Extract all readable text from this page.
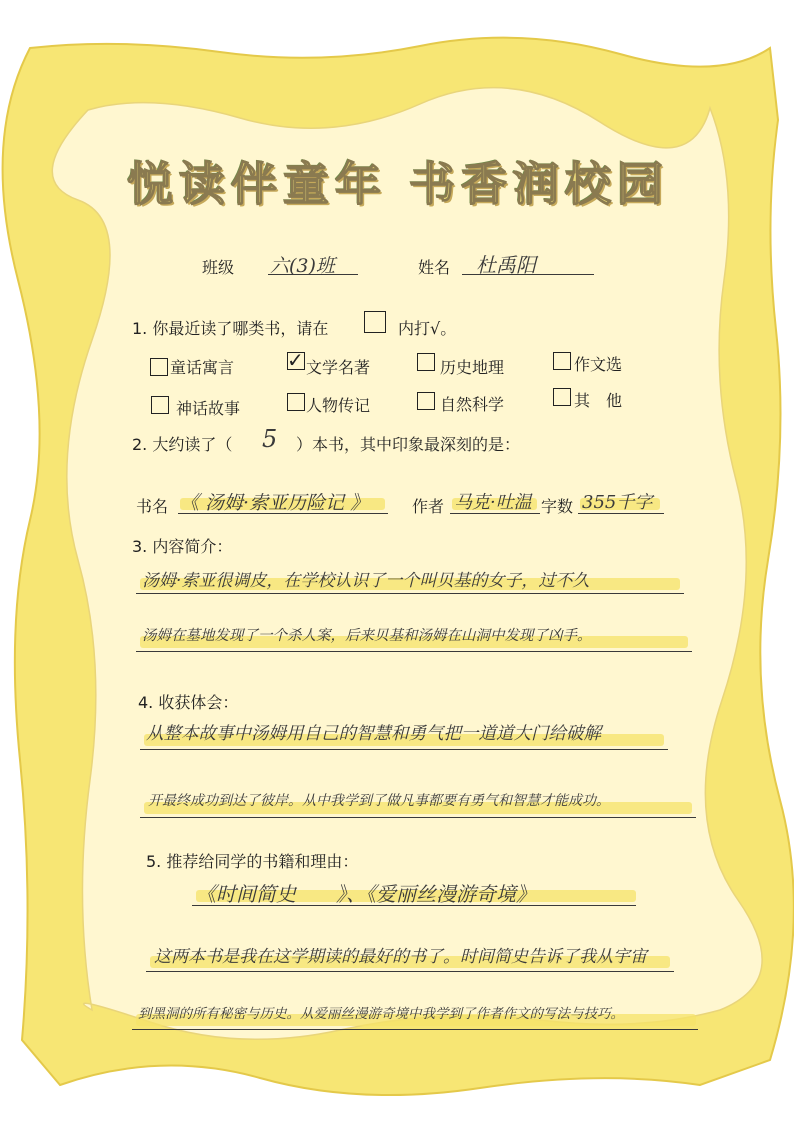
悦读伴童年 书香润校园
班级 六(3)班	姓名 杜禹阳
1. 你最近读了哪类书，请在	内打√。
童话寓言	✓ 文学名著	历史地理	作文选
神话故事	人物传记	自然科学	其　他
2. 大约读了（ 5 ）本书，其中印象最深刻的是：
书名 《 汤姆·索亚历险记 》	作者 马克·吐温 字数 355千字
3. 内容简介：
汤姆·索亚很调皮，在学校认识了一个叫贝基的女子，过不久
汤姆在墓地发现了一个杀人案，后来贝基和汤姆在山洞中发现了凶手。
4. 收获体会：
从整本故事中汤姆用自己的智慧和勇气把一道道大门给破解
开最终成功到达了彼岸。从中我学到了做凡事都要有勇气和智慧才能成功。
5. 推荐给同学的书籍和理由：
《时间简史　　》、《爱丽丝漫游奇境》
这两本书是我在这学期读的最好的书了。时间简史告诉了我从宇宙
到黑洞的所有秘密与历史。从爱丽丝漫游奇境中我学到了作者作文的写法与技巧。
